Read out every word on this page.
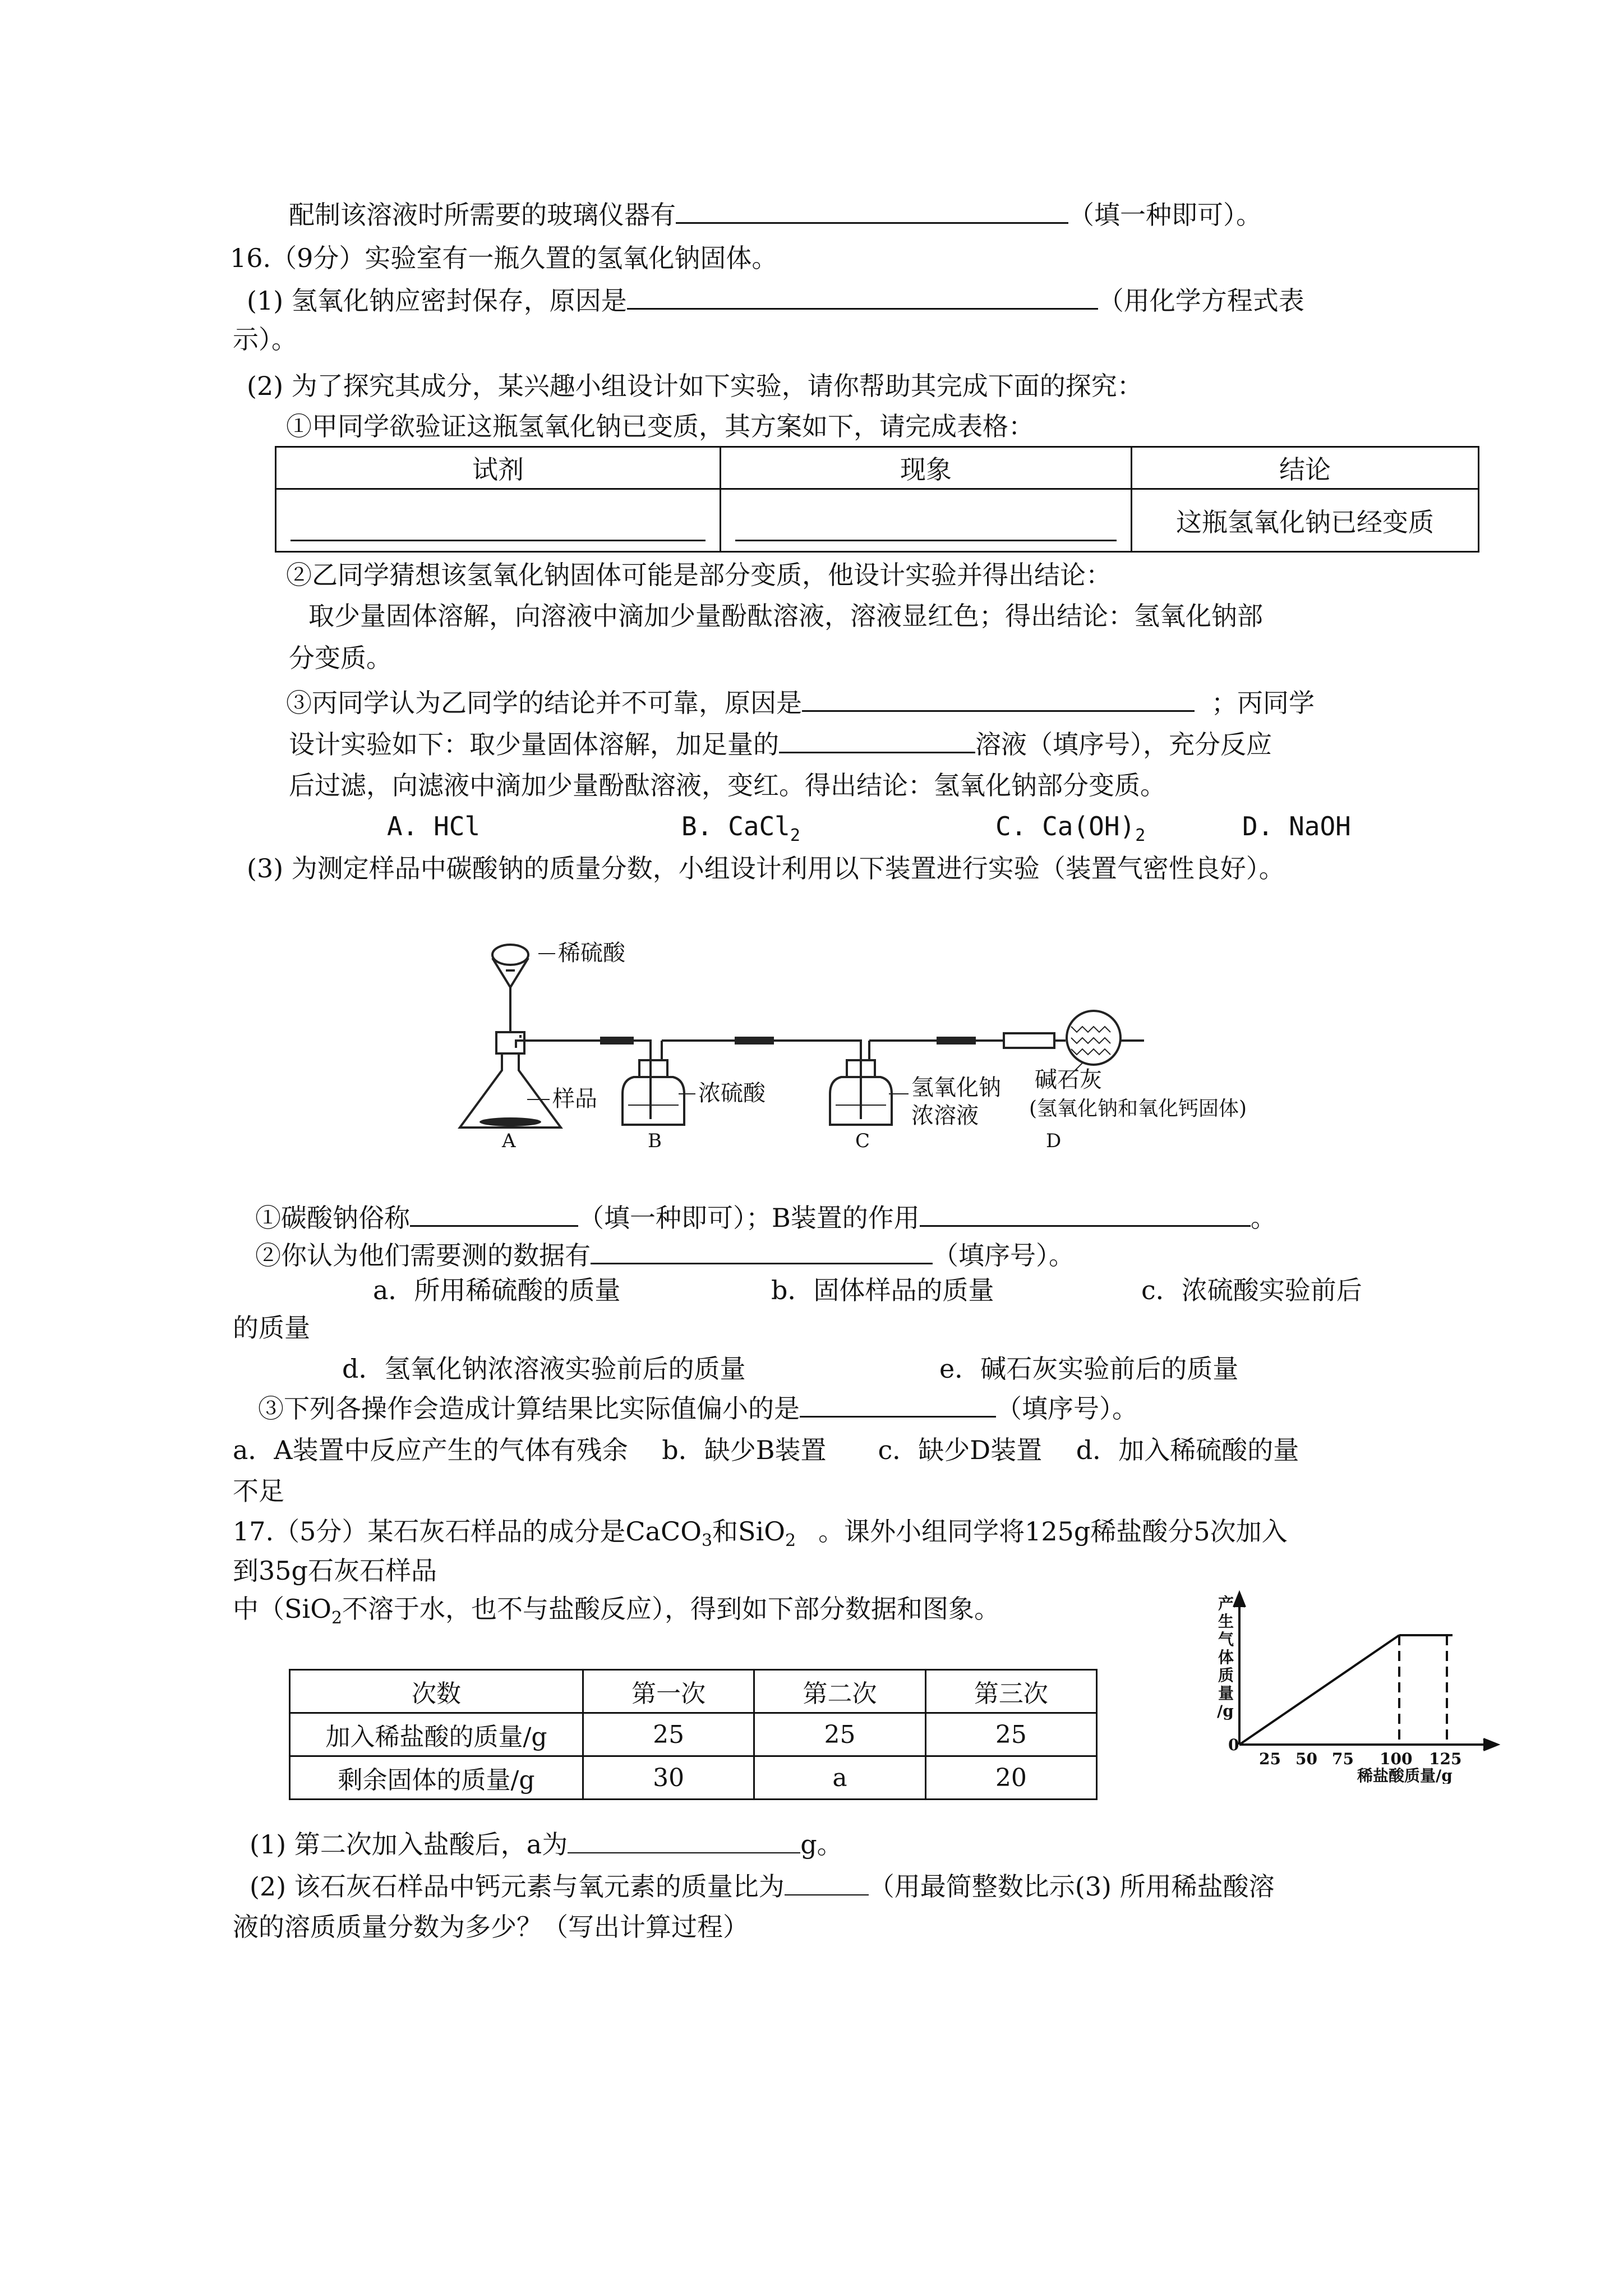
配制该溶液时所需要的玻璃仪器有	（填一种即可）。
16.（9分）实验室有一瓶久置的氢氧化钠固体。
(1) 氢氧化钠应密封保存，原因是	（用化学方程式表
示）。
(2) 为了探究其成分，某兴趣小组设计如下实验，请你帮助其完成下面的探究：
①甲同学欲验证这瓶氢氧化钠已变质，其方案如下，请完成表格：
试剂	现象	结论
		这瓶氢氧化钠已经变质
②乙同学猜想该氢氧化钠固体可能是部分变质，他设计实验并得出结论：
取少量固体溶解，向溶液中滴加少量酚酞溶液，溶液显红色；得出结论：氢氧化钠部
分变质。
③丙同学认为乙同学的结论并不可靠，原因是	；丙同学
设计实验如下：取少量固体溶解，加足量的	溶液（填序号），充分反应
后过滤，向滤液中滴加少量酚酞溶液，变红。得出结论：氢氧化钠部分变质。
A. HCl	B. CaCl$_2$	C. $Ca(OH)_2$	D. NaOH
(3) 为测定样品中碳酸钠的质量分数，小组设计利用以下装置进行实验（装置气密性良好）。
稀硫酸
样品	浓硫酸	氢氧化钠
浓溶液
碱石灰
(氢氧化钠和氧化钙固体)
A	B	C	D
①碳酸钠俗称	（填一种即可）；B装置的作用	。
②你认为他们需要测的数据有	（填序号）。
a．所用稀硫酸的质量	b．固体样品的质量	c．浓硫酸实验前后
的质量
d．氢氧化钠浓溶液实验前后的质量	e．碱石灰实验前后的质量
③下列各操作会造成计算结果比实际值偏小的是	（填序号）。
a．A装置中反应产生的气体有残余　 b．缺少B装置　　c．缺少D装置　 d．加入稀硫酸的量
不足
17.（5分）某石灰石样品的成分是CaCO$_3$和SiO$_2$ 。课外小组同学将125g稀盐酸分5次加入
到35g石灰石样品
中（SiO$_2$不溶于水，也不与盐酸反应），得到如下部分数据和图象。
次数	第一次	第二次	第三次
加入稀盐酸的质量/g	25	25	25
剩余固体的质量/g	30	a	20
产
生
气
体
质
量
/g
0
25 50 75 100 125
稀盐酸质量/g
(1) 第二次加入盐酸后，a为	g。
(2) 该石灰石样品中钙元素与氧元素的质量比为	（用最简整数比示(3) 所用稀盐酸溶
液的溶质质量分数为多少？（写出计算过程）
